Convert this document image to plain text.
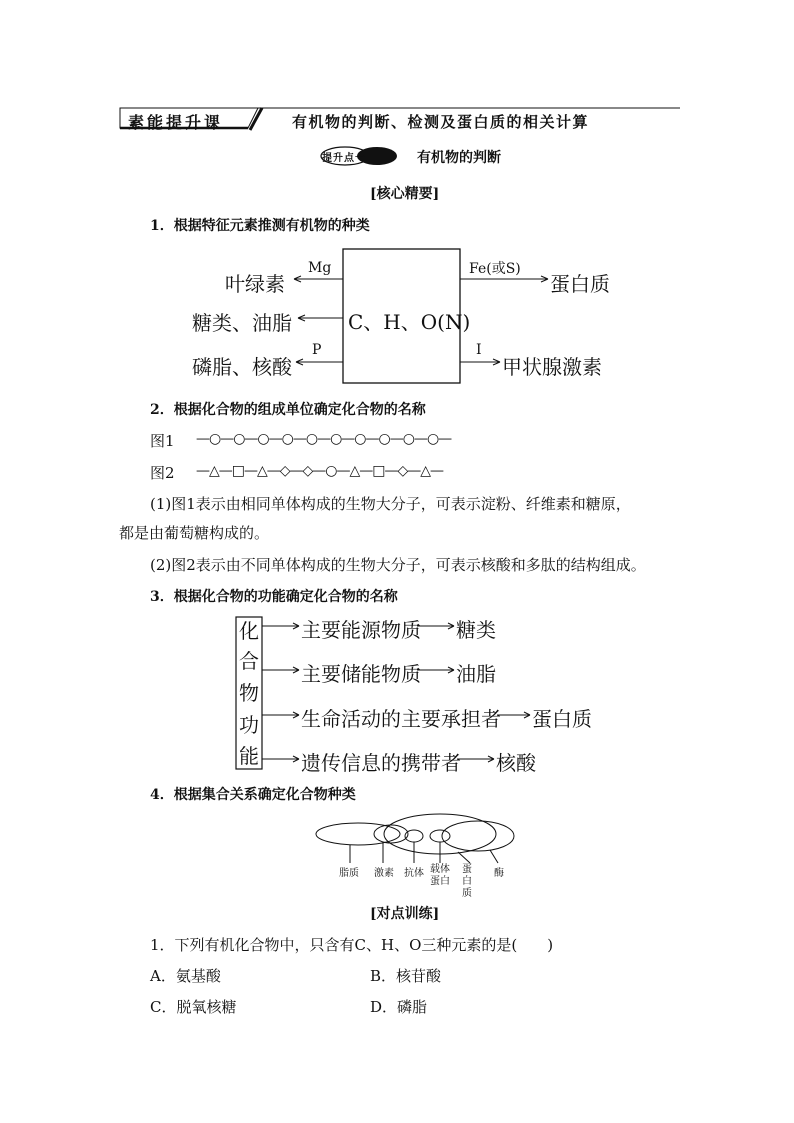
素能提升课	有机物的判断、检测及蛋白质的相关计算
提升点一	有机物的判断
[核心精要]
1．根据特征元素推测有机物的种类
叶绿素
Mg
糖类、油脂
磷脂、核酸
P
C、H、O(N)
Fe(或S)
蛋白质
I
甲状腺激素
2．根据化合物的组成单位确定化合物的名称
图1 —○—○—○—○—○—○—○—○—○—○—
图2 —△—□—△—◇—◇—○—△—□—◇—△—
(1)图1表示由相同单体构成的生物大分子，可表示淀粉、纤维素和糖原，
都是由葡萄糖构成的。
(2)图2表示由不同单体构成的生物大分子，可表示核酸和多肽的结构组成。
3．根据化合物的功能确定化合物的名称
化
合
物
功
能
主要能源物质 糖类
主要储能物质 油脂
生命活动的主要承担者 蛋白质
遗传信息的携带者 核酸
4．根据集合关系确定化合物种类
脂质 激素 抗体 载体蛋白
蛋白质
酶
[对点训练]
1．下列有机化合物中，只含有C、H、O三种元素的是(　　)
A．氨基酸	B．核苷酸
C．脱氧核糖	D．磷脂
